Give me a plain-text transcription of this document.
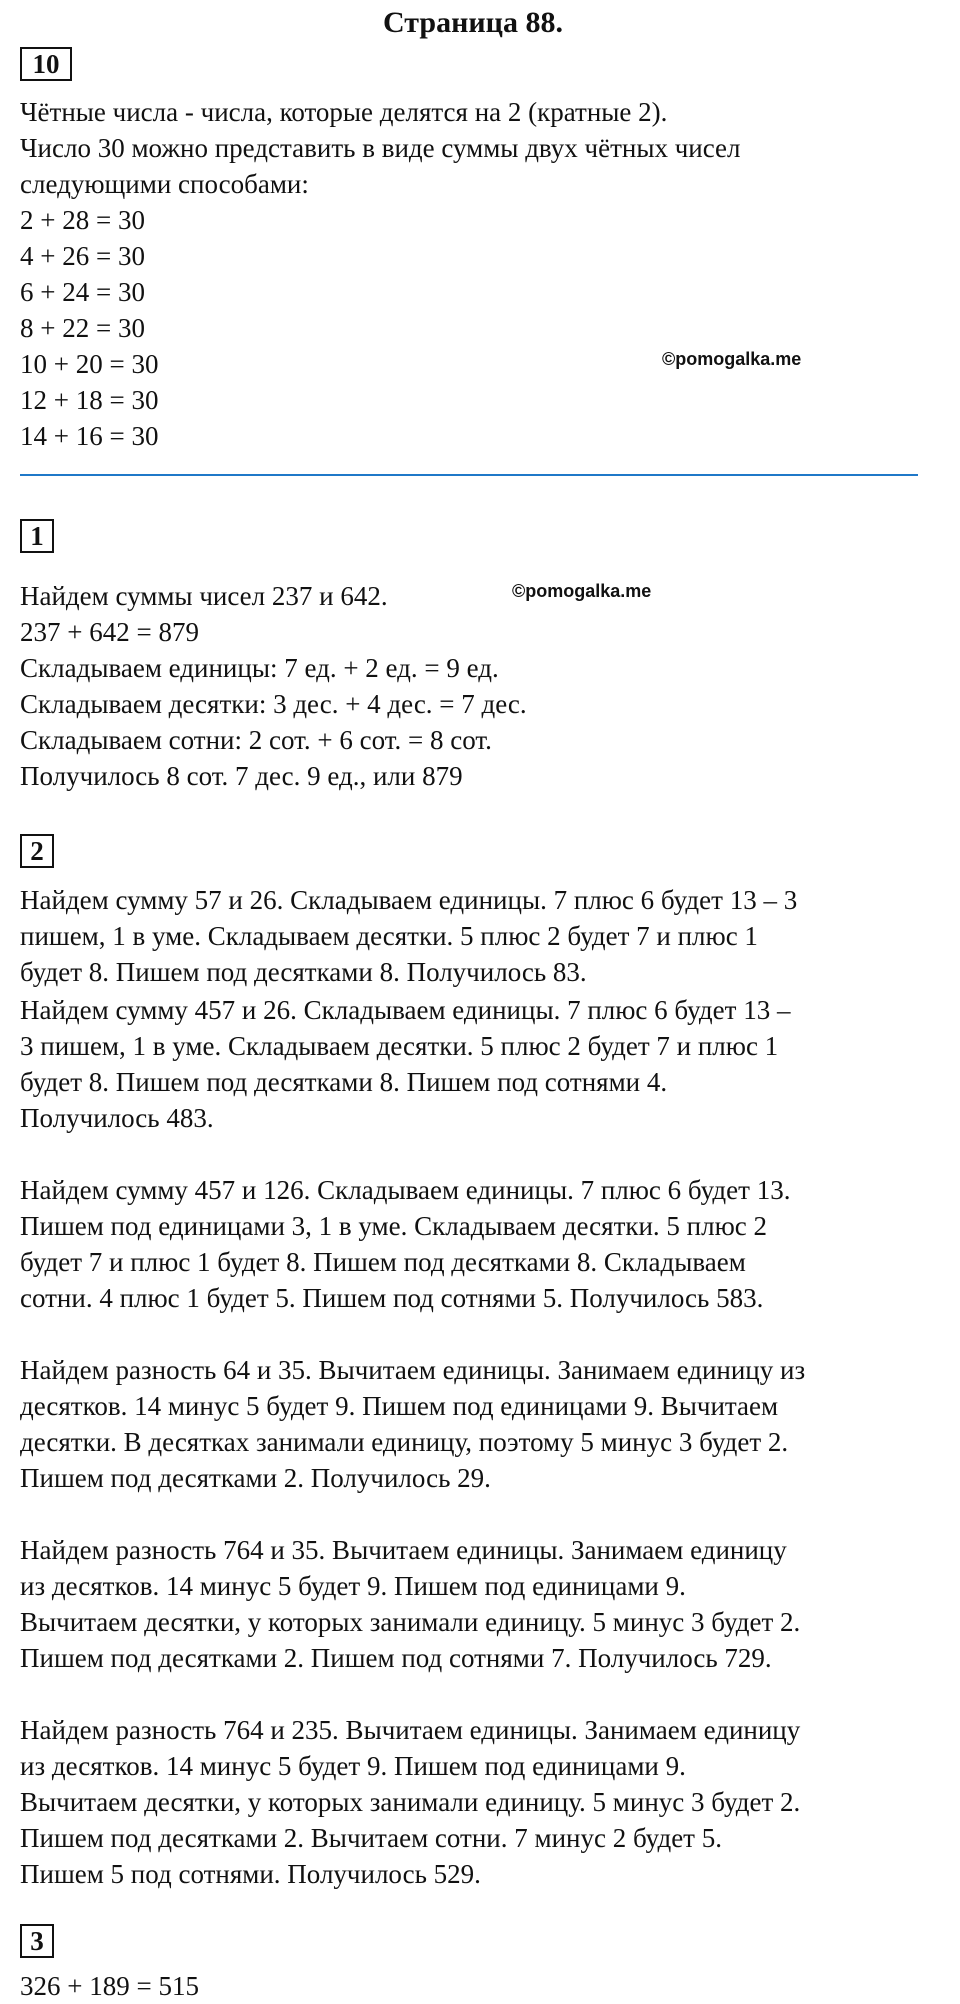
Страница 88.
10
Чётные числа - числа, которые делятся на 2 (кратные 2).
Число 30 можно представить в виде суммы двух чётных чисел
следующими способами:
2 + 28 = 30
4 + 26 = 30
6 + 24 = 30
8 + 22 = 30
10 + 20 = 30
12 + 18 = 30
14 + 16 = 30
©pomogalka.me
1
Найдем суммы чисел 237 и 642.
237 + 642 = 879
Складываем единицы: 7 ед. + 2 ед. = 9 ед.
Складываем десятки: 3 дес. + 4 дес. = 7 дес.
Складываем сотни: 2 сот. + 6 сот. = 8 сот.
Получилось 8 сот. 7 дес. 9 ед., или 879
©pomogalka.me
2
Найдем сумму 57 и 26. Складываем единицы. 7 плюс 6 будет 13 – 3
пишем, 1 в уме. Складываем десятки. 5 плюс 2 будет 7 и плюс 1
будет 8. Пишем под десятками 8. Получилось 83.
Найдем сумму 457 и 26. Складываем единицы. 7 плюс 6 будет 13 –
3 пишем, 1 в уме. Складываем десятки. 5 плюс 2 будет 7 и плюс 1
будет 8. Пишем под десятками 8. Пишем под сотнями 4.
Получилось 483.
Найдем сумму 457 и 126. Складываем единицы. 7 плюс 6 будет 13.
Пишем под единицами 3, 1 в уме. Складываем десятки. 5 плюс 2
будет 7 и плюс 1 будет 8. Пишем под десятками 8. Складываем
сотни. 4 плюс 1 будет 5. Пишем под сотнями 5. Получилось 583.
Найдем разность 64 и 35. Вычитаем единицы. Занимаем единицу из
десятков. 14 минус 5 будет 9. Пишем под единицами 9. Вычитаем
десятки. В десятках занимали единицу, поэтому 5 минус 3 будет 2.
Пишем под десятками 2. Получилось 29.
Найдем разность 764 и 35. Вычитаем единицы. Занимаем единицу
из десятков. 14 минус 5 будет 9. Пишем под единицами 9.
Вычитаем десятки, у которых занимали единицу. 5 минус 3 будет 2.
Пишем под десятками 2. Пишем под сотнями 7. Получилось 729.
Найдем разность 764 и 235. Вычитаем единицы. Занимаем единицу
из десятков. 14 минус 5 будет 9. Пишем под единицами 9.
Вычитаем десятки, у которых занимали единицу. 5 минус 3 будет 2.
Пишем под десятками 2. Вычитаем сотни. 7 минус 2 будет 5.
Пишем 5 под сотнями. Получилось 529.
3
326 + 189 = 515
